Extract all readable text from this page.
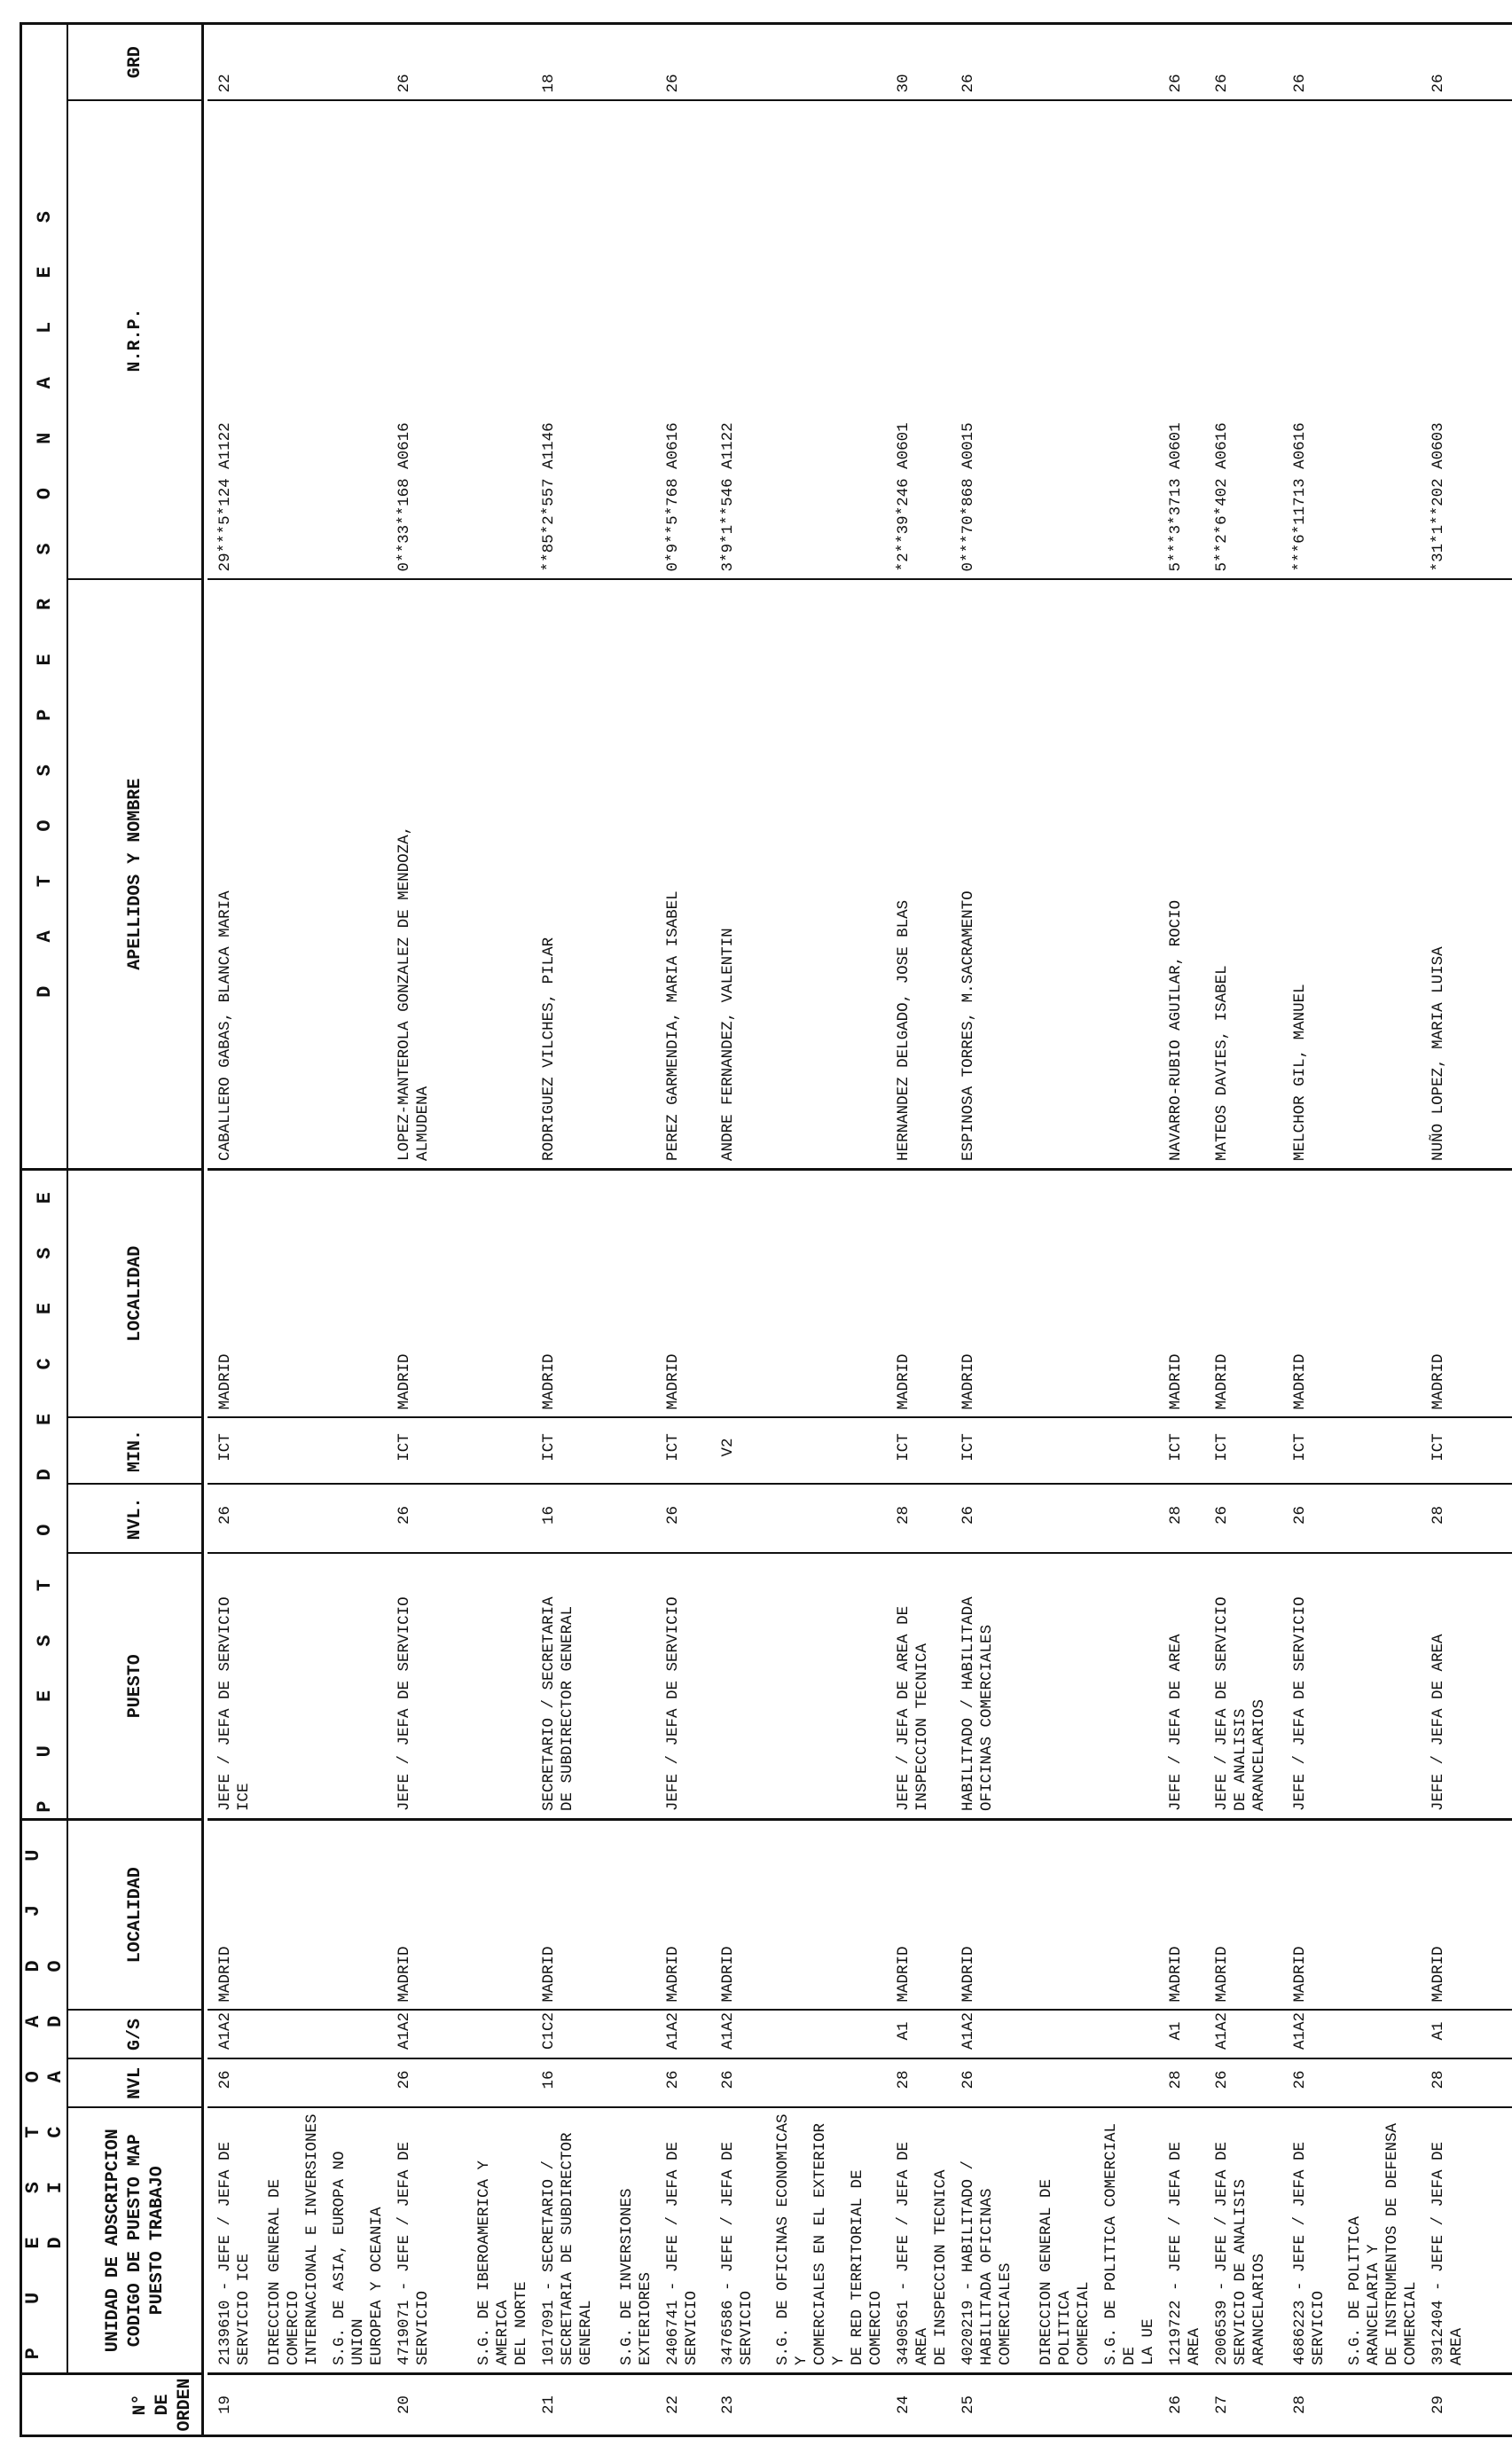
N°
DE
ORDEN	P U E S T O A D J U D I C A D O				P U E S T O D E C E S E				D A T O S P E R S O N A L E S		
	UNIDAD DE ADSCRIPCION
CODIGO DE PUESTO MAP
PUESTO TRABAJO	NVL	G/S	LOCALIDAD	PUESTO	NVL.	MIN.	LOCALIDAD	APELLIDOS Y NOMBRE	N.R.P.	GRD

19	2139610 - JEFE / JEFA DE
SERVICIO ICE	26	A1A2	MADRID	JEFE / JEFA DE SERVICIO
ICE	26	ICT	MADRID	CABALLERO GABAS, BLANCA MARIA	29***5*124 A1122	22
	DIRECCION GENERAL DE COMERCIO
INTERNACIONAL E INVERSIONES										
	S.G. DE ASIA, EUROPA NO UNION
EUROPEA Y OCEANIA										
20	4719071 - JEFE / JEFA DE
SERVICIO	26	A1A2	MADRID	JEFE / JEFA DE SERVICIO	26	ICT	MADRID	LOPEZ-MANTEROLA GONZALEZ DE MENDOZA,
ALMUDENA	0**33**168 A0616	26
	S.G. DE IBEROAMERICA Y AMERICA
DEL NORTE										
21	1017091 - SECRETARIO /
SECRETARIA DE SUBDIRECTOR
GENERAL	16	C1C2	MADRID	SECRETARIO / SECRETARIA
DE SUBDIRECTOR GENERAL	16	ICT	MADRID	RODRIGUEZ VILCHES, PILAR	**85*2*557 A1146	18
	S.G. DE INVERSIONES EXTERIORES										
22	2406741 - JEFE / JEFA DE
SERVICIO	26	A1A2	MADRID	JEFE / JEFA DE SERVICIO	26	ICT	MADRID	PEREZ GARMENDIA, MARIA ISABEL	0*9**5*768 A0616	26
23	3476586 - JEFE / JEFA DE
SERVICIO	26	A1A2	MADRID			V2		ANDRE FERNANDEZ, VALENTIN	3*9*1**546 A1122	
	S.G. DE OFICINAS ECONOMICAS Y
COMERCIALES EN EL EXTERIOR Y
DE RED TERRITORIAL DE COMERCIO										
24	3490561 - JEFE / JEFA DE AREA
DE INSPECCION TECNICA	28	A1	MADRID	JEFE / JEFA DE AREA DE
INSPECCION TECNICA	28	ICT	MADRID	HERNANDEZ DELGADO, JOSE BLAS	*2**39*246 A0601	30
25	4020219 - HABILITADO /
HABILITADA OFICINAS
COMERCIALES	26	A1A2	MADRID	HABILITADO / HABILITADA
OFICINAS COMERCIALES	26	ICT	MADRID	ESPINOSA TORRES, M.SACRAMENTO	0***70*868 A0015	26
	DIRECCION GENERAL DE POLITICA
COMERCIAL										
	S.G. DE POLITICA COMERCIAL DE
LA UE										
26	1219722 - JEFE / JEFA DE AREA	28	A1	MADRID	JEFE / JEFA DE AREA	28	ICT	MADRID	NAVARRO-RUBIO AGUILAR, ROCIO	5***3*3713 A0601	26
27	2006539 - JEFE / JEFA DE
SERVICIO DE ANALISIS
ARANCELARIOS	26	A1A2	MADRID	JEFE / JEFA DE SERVICIO
DE ANALISIS
ARANCELARIOS	26	ICT	MADRID	MATEOS DAVIES, ISABEL	5**2*6*402 A0616	26
28	4686223 - JEFE / JEFA DE
SERVICIO	26	A1A2	MADRID	JEFE / JEFA DE SERVICIO	26	ICT	MADRID	MELCHOR GIL, MANUEL	***6*11713 A0616	26
	S.G. DE POLITICA ARANCELARIA Y
DE INSTRUMENTOS DE DEFENSA
COMERCIAL										
29	3912404 - JEFE / JEFA DE AREA	28	A1	MADRID	JEFE / JEFA DE AREA	28	ICT	MADRID	NUÑO LOPEZ, MARIA LUISA	*31*1**202 A0603	26
